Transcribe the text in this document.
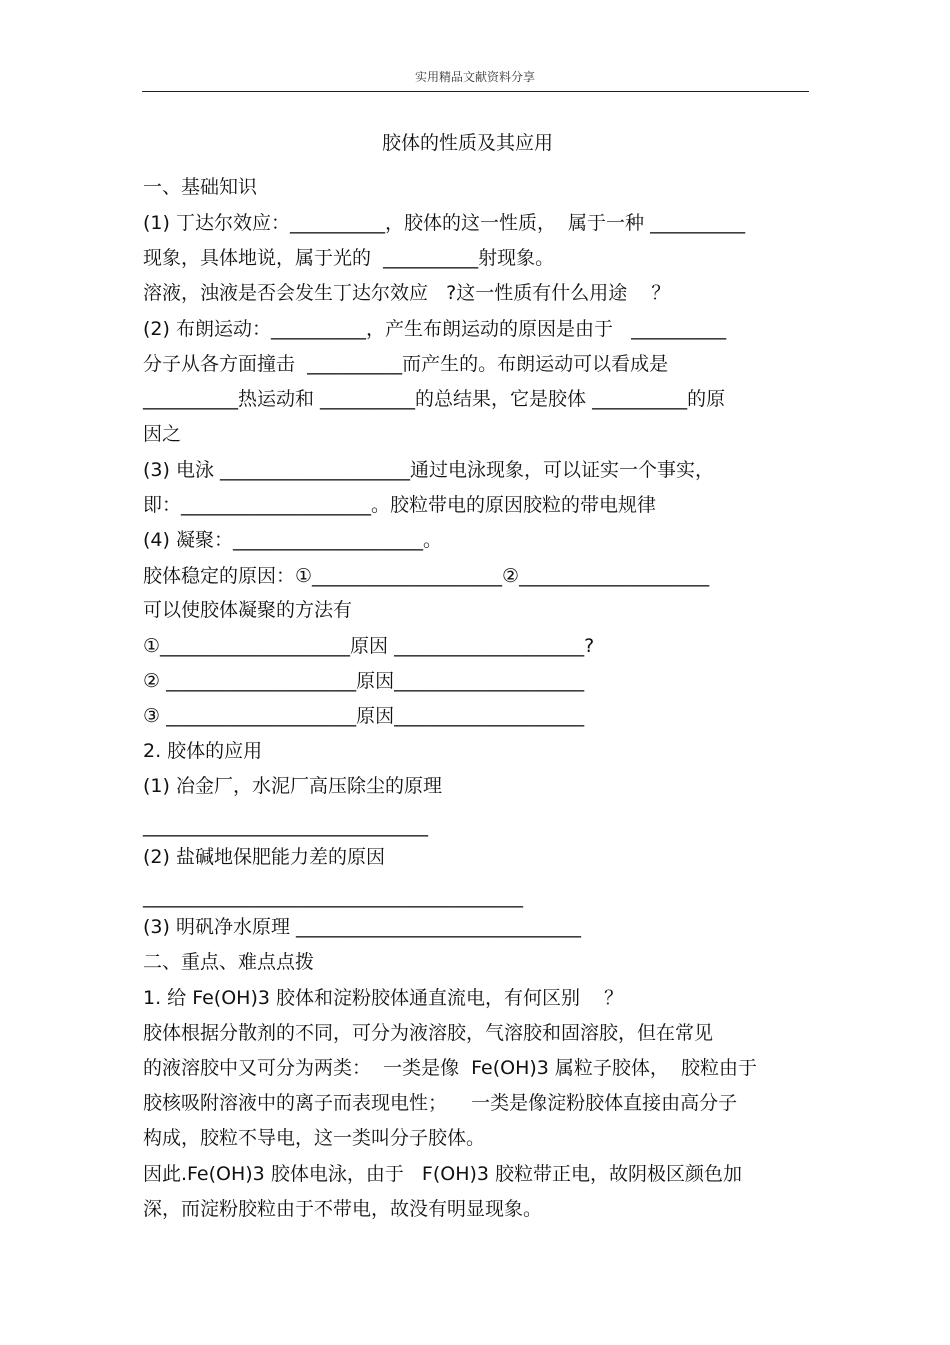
实用精品文献资料分享
胶体的性质及其应用
一、基础知识
(1) 丁达尔效应：__________，胶体的这一性质，  属于一种 __________
现象，具体地说，属于光的  __________射现象。
溶液，浊液是否会发生丁达尔效应   ?这一性质有什么用途    ？
(2) 布朗运动：__________，产生布朗运动的原因是由于   __________
分子从各方面撞击  __________而产生的。布朗运动可以看成是
__________热运动和 __________的总结果，它是胶体 __________的原
因之
(3) 电泳 ____________________通过电泳现象，可以证实一个事实，
即：____________________。胶粒带电的原因胶粒的带电规律
(4) 凝聚：____________________。
胶体稳定的原因：①____________________②____________________
可以使胶体凝聚的方法有
①____________________原因 ____________________?
② ____________________原因____________________
③ ____________________原因____________________
2. 胶体的应用
(1) 冶金厂，水泥厂高压除尘的原理
______________________________
(2) 盐碱地保肥能力差的原因
________________________________________
(3) 明矾净水原理 ______________________________
二、重点、难点点拨
1. 给 Fe(OH)3 胶体和淀粉胶体通直流电，有何区别    ？
胶体根据分散剂的不同，可分为液溶胶，气溶胶和固溶胶，但在常见
的液溶胶中又可分为两类：  一类是像  Fe(OH)3 属粒子胶体，  胶粒由于
胶核吸附溶液中的离子而表现电性；    一类是像淀粉胶体直接由高分子
构成，胶粒不导电，这一类叫分子胶体。
因此.Fe(OH)3 胶体电泳，由于   F(OH)3 胶粒带正电，故阴极区颜色加
深，而淀粉胶粒由于不带电，故没有明显现象。
